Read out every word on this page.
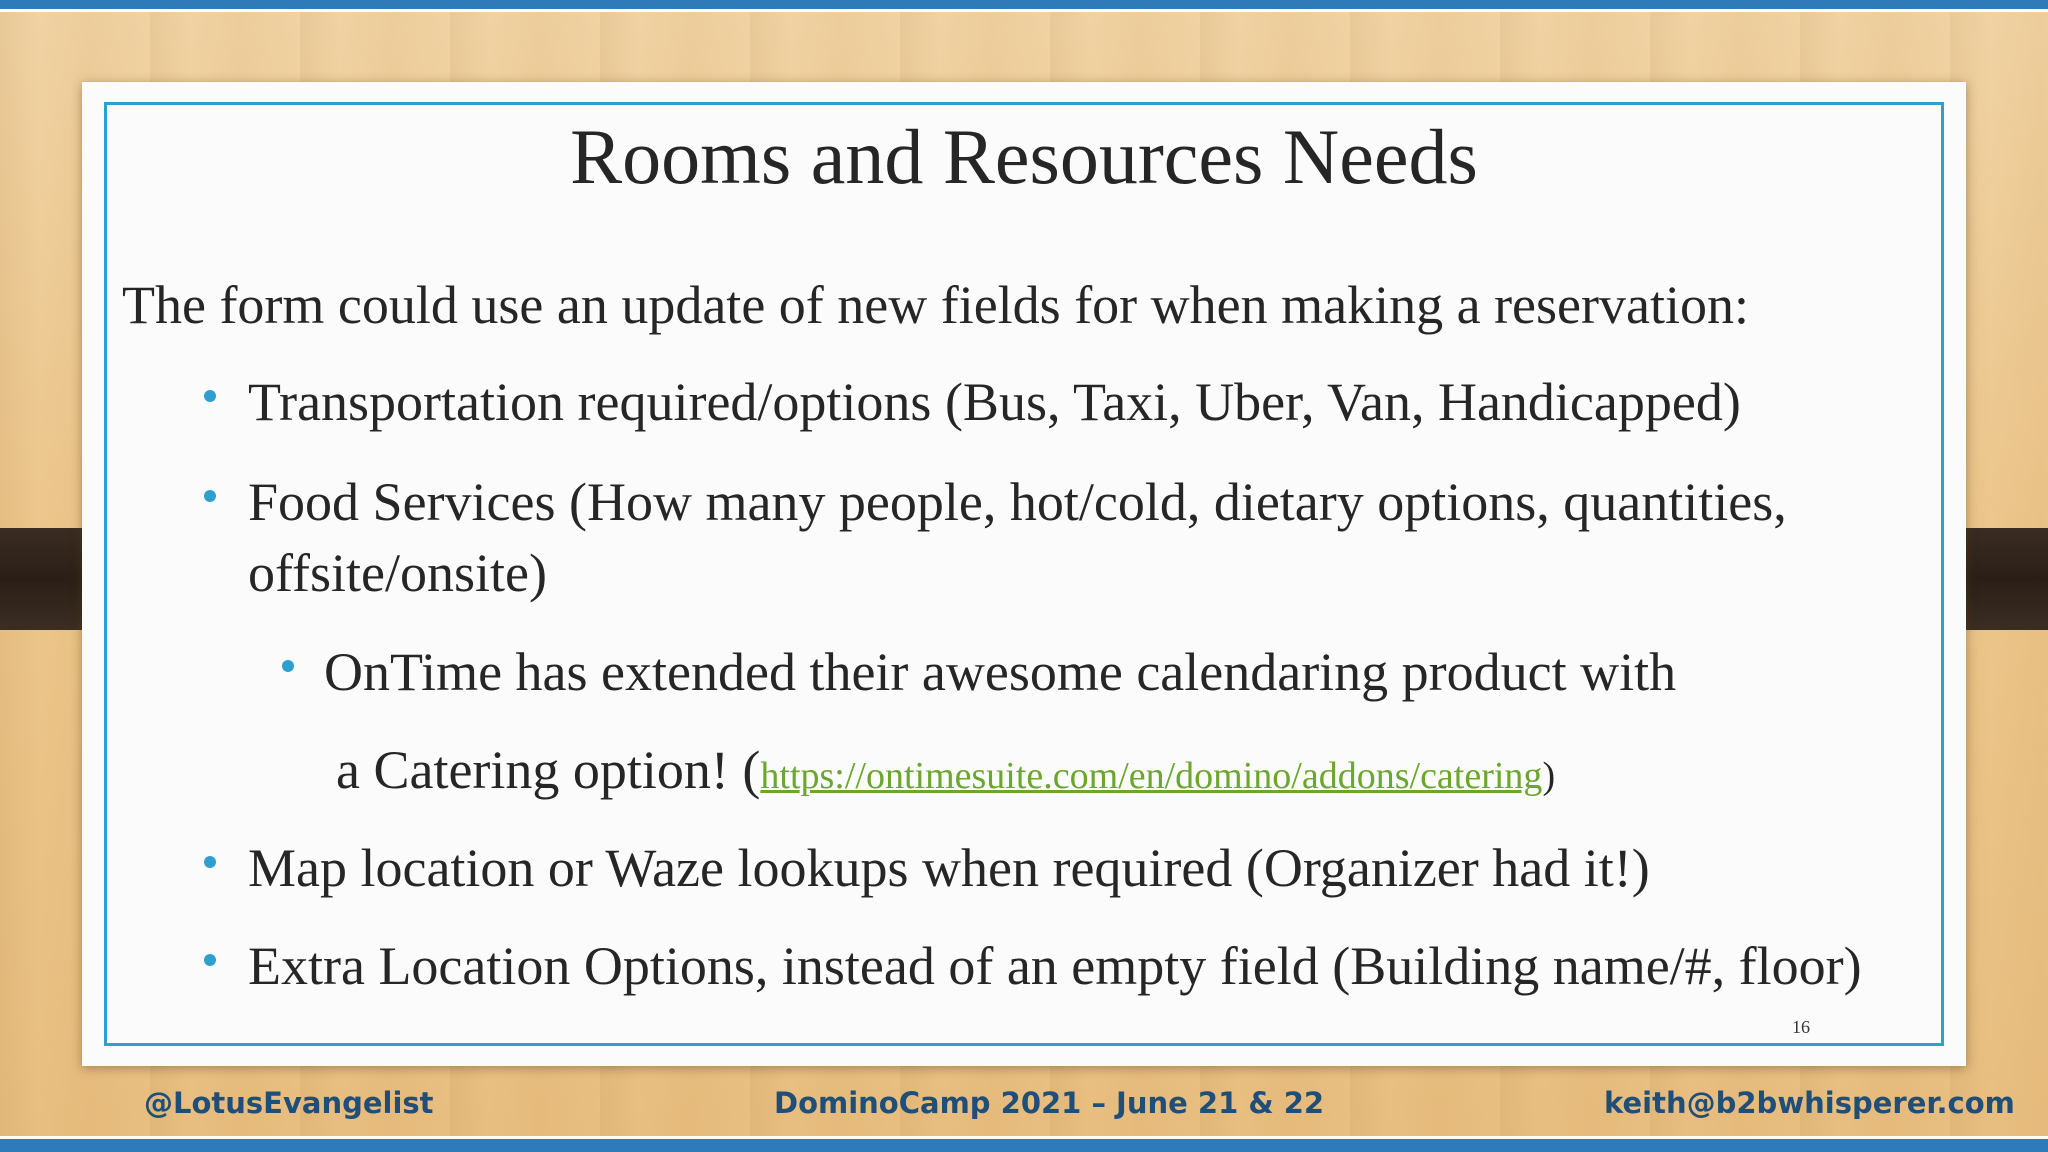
Rooms and Resources Needs
The form could use an update of new fields for when making a reservation:
Transportation required/options (Bus, Taxi, Uber, Van, Handicapped)
Food Services (How many people, hot/cold, dietary options, quantities,
offsite/onsite)
OnTime has extended their awesome calendaring product with
a Catering option! (https://ontimesuite.com/en/domino/addons/catering)
Map location or Waze lookups when required (Organizer had it!)
Extra Location Options, instead of an empty field (Building name/#, floor)
16
@LotusEvangelist	DominoCamp 2021 – June 21 & 22	keith@b2bwhisperer.com
